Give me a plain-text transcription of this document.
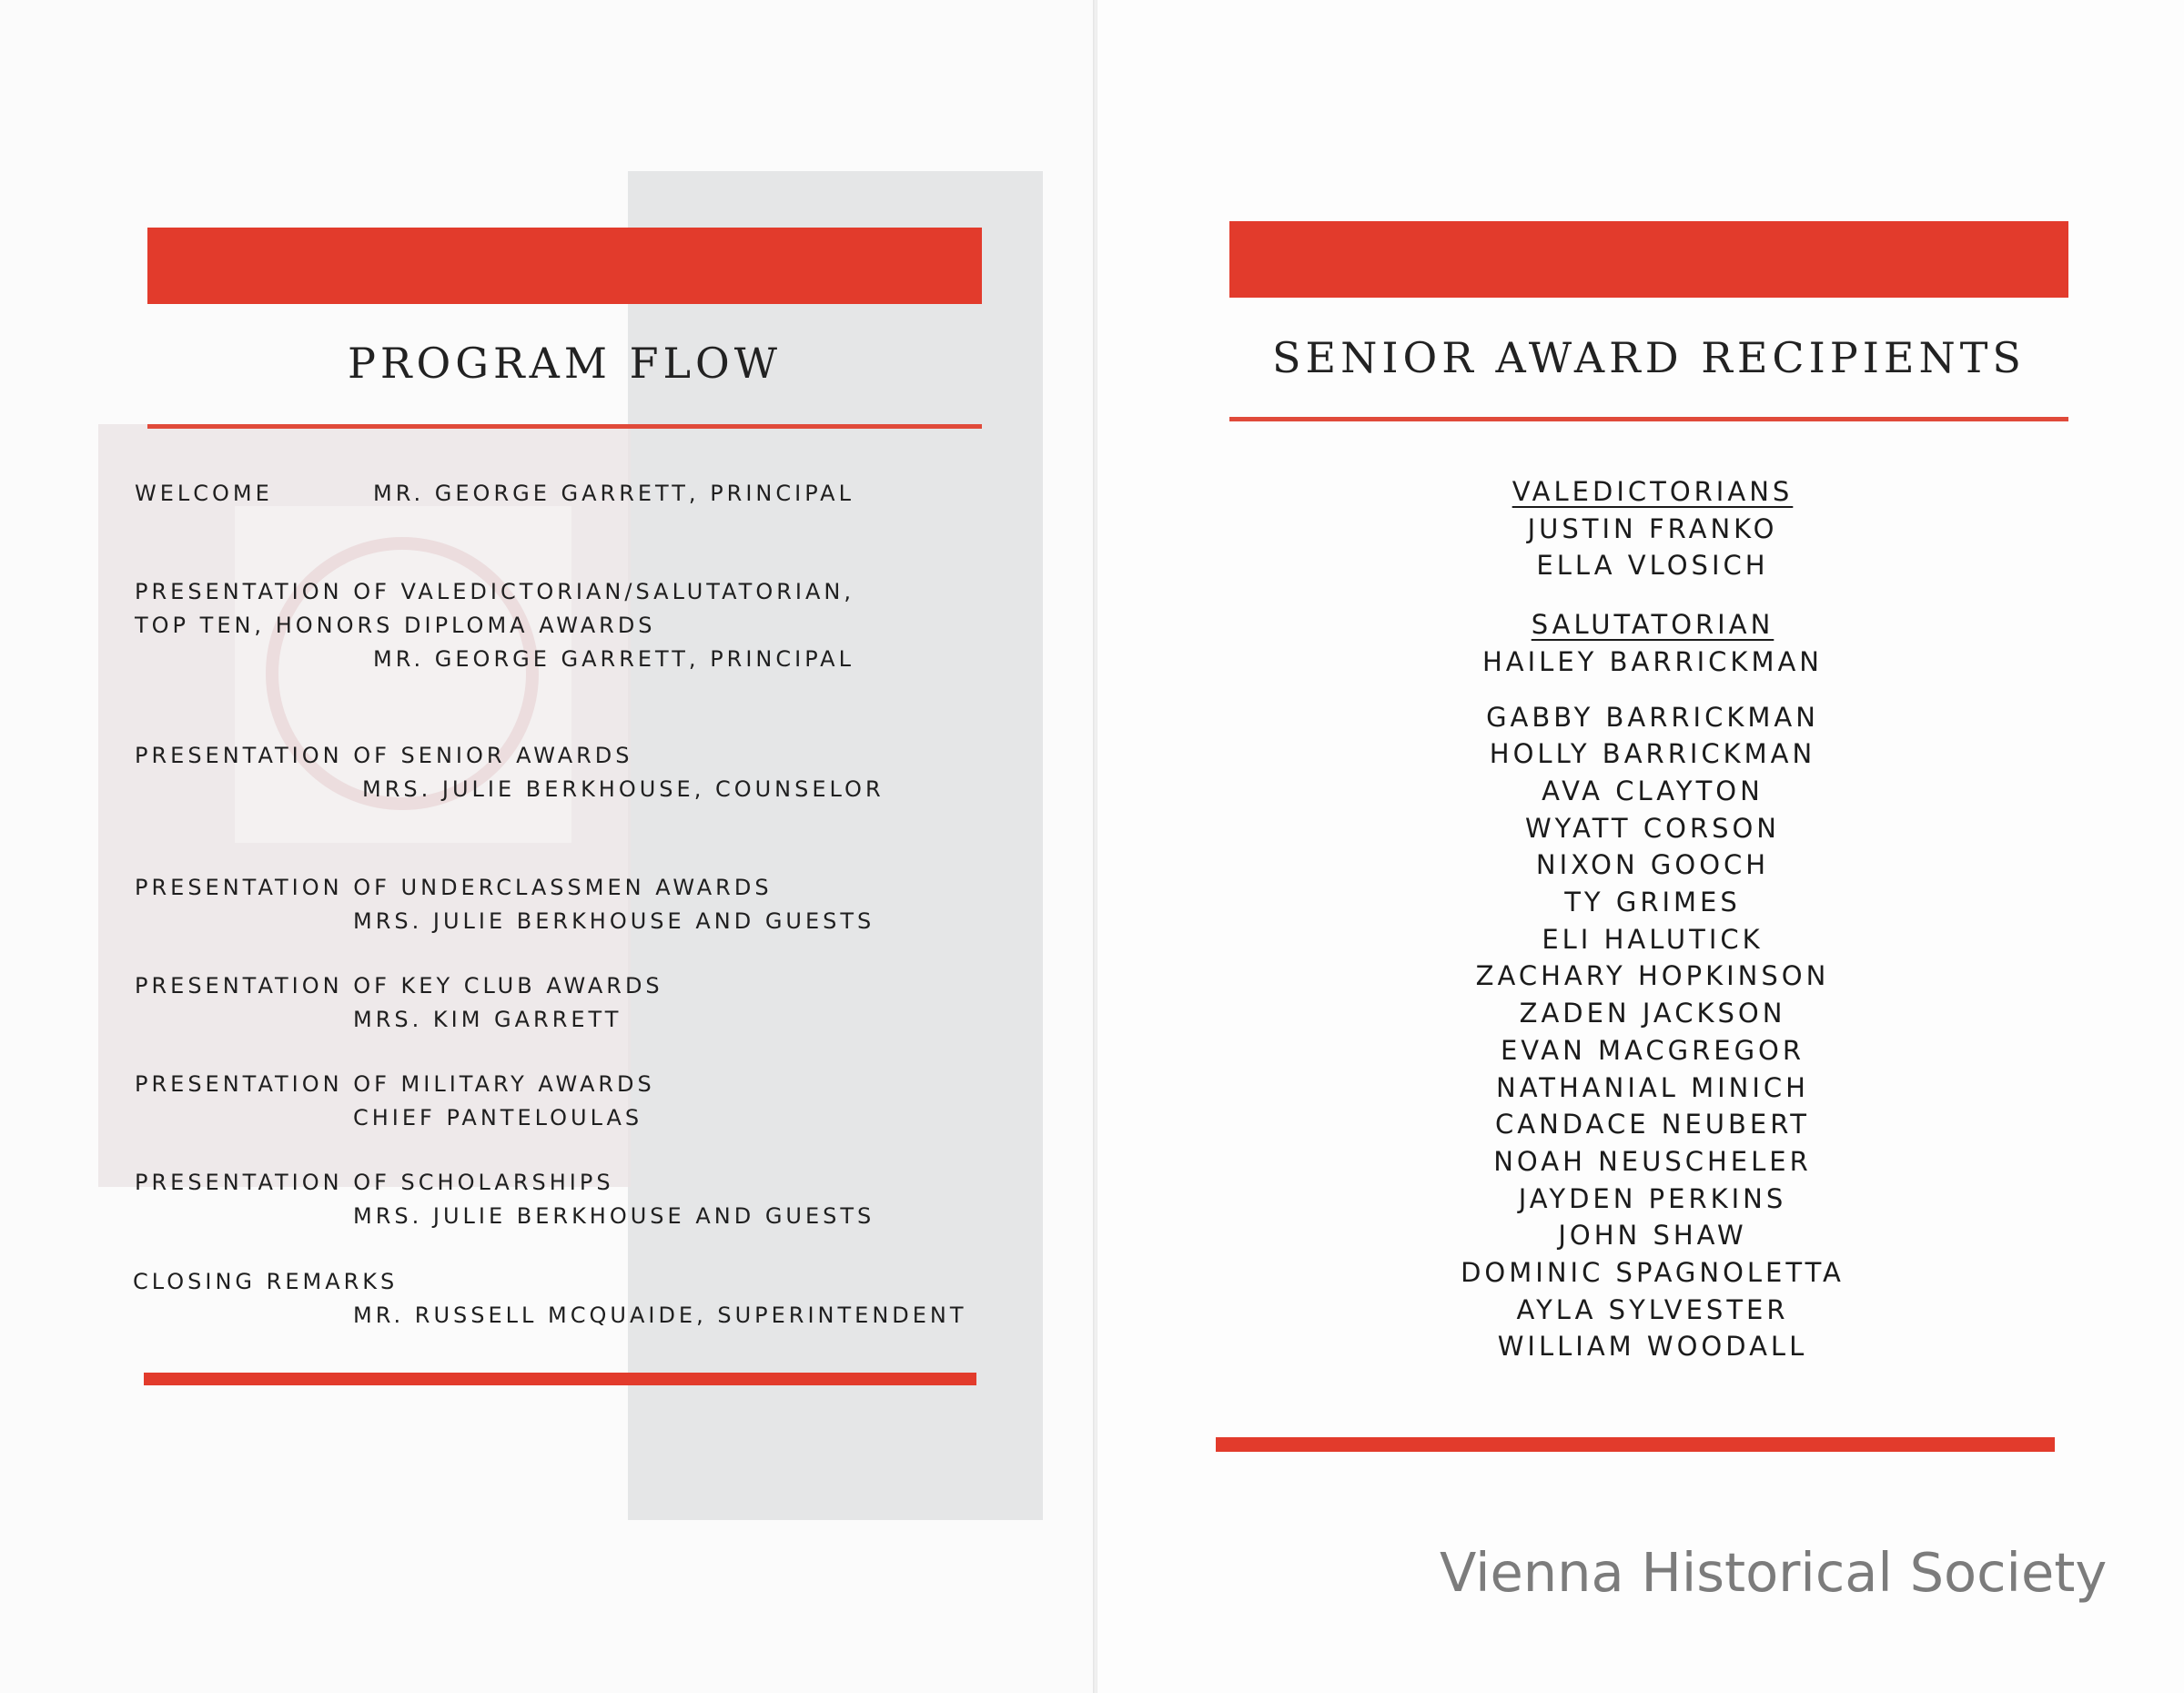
PROGRAM FLOW
WELCOME	MR. GEORGE GARRETT, PRINCIPAL
PRESENTATION OF VALEDICTORIAN/SALUTATORIAN,
TOP TEN, HONORS DIPLOMA AWARDS
MR. GEORGE GARRETT, PRINCIPAL
PRESENTATION OF SENIOR AWARDS
MRS. JULIE BERKHOUSE, COUNSELOR
PRESENTATION OF UNDERCLASSMEN AWARDS
MRS. JULIE BERKHOUSE AND GUESTS
PRESENTATION OF KEY CLUB AWARDS
MRS. KIM GARRETT
PRESENTATION OF MILITARY AWARDS
CHIEF PANTELOULAS
PRESENTATION OF SCHOLARSHIPS
MRS. JULIE BERKHOUSE AND GUESTS
CLOSING REMARKS
MR. RUSSELL MCQUAIDE, SUPERINTENDENT
SENIOR AWARD RECIPIENTS
VALEDICTORIANS
JUSTIN FRANKO
ELLA VLOSICH
SALUTATORIAN
HAILEY BARRICKMAN
GABBY BARRICKMAN
HOLLY BARRICKMAN
AVA CLAYTON
WYATT CORSON
NIXON GOOCH
TY GRIMES
ELI HALUTICK
ZACHARY HOPKINSON
ZADEN JACKSON
EVAN MACGREGOR
NATHANIAL MINICH
CANDACE NEUBERT
NOAH NEUSCHELER
JAYDEN PERKINS
JOHN SHAW
DOMINIC SPAGNOLETTA
AYLA SYLVESTER
WILLIAM WOODALL
Vienna Historical Society
